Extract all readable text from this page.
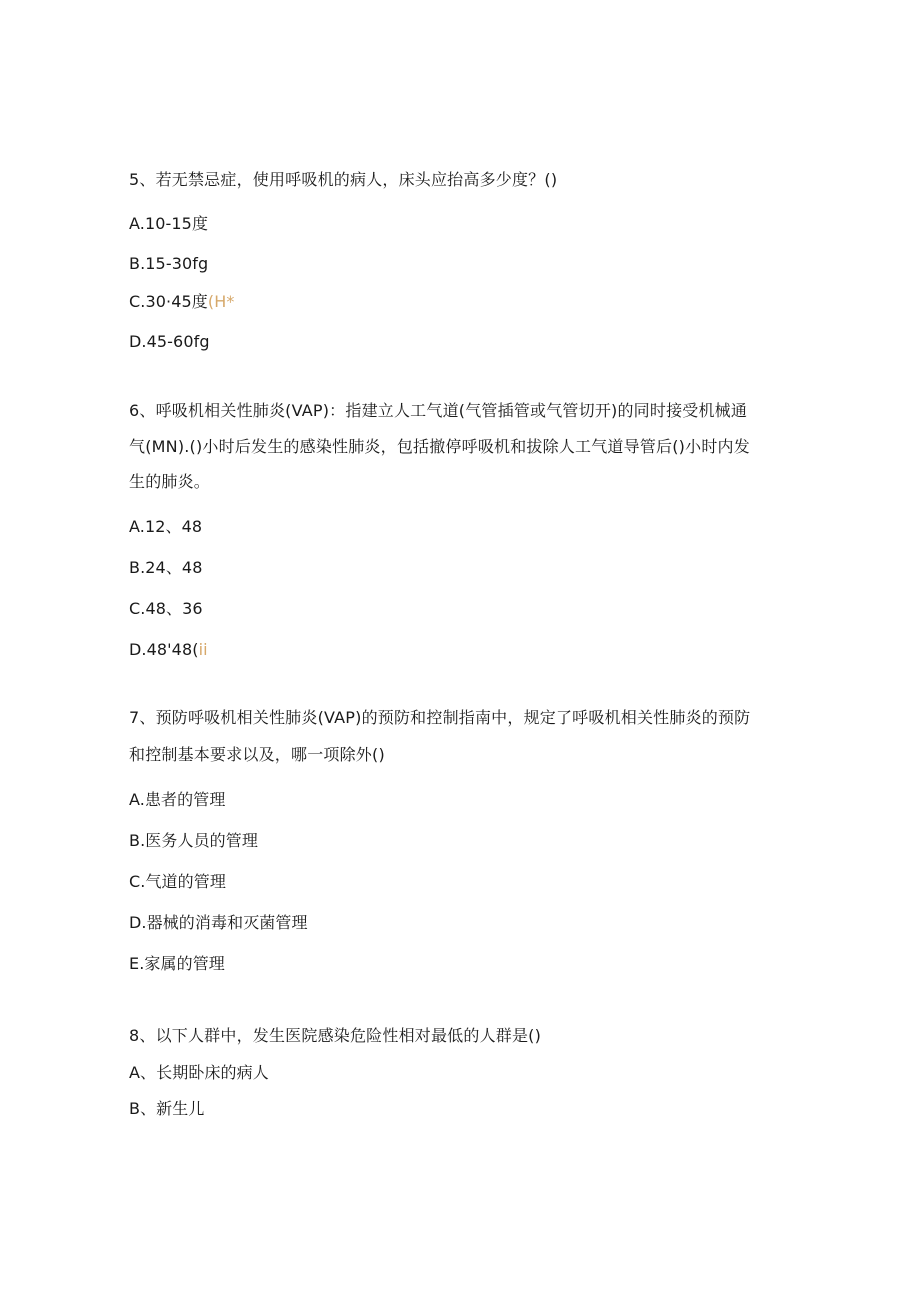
5、若无禁忌症，使用呼吸机的病人，床头应抬高多少度？()
A.10-15度
B.15-30fg
C.30·45度(H*
D.45-60fg
6、呼吸机相关性肺炎(VAP)：指建立人工气道(气管插管或气管切开)的同时接受机械通
气(MN).()小时后发生的感染性肺炎，包括撤停呼吸机和拔除人工气道导管后()小时内发
生的肺炎。
A.12、48
B.24、48
C.48、36
D.48'48(ii
7、预防呼吸机相关性肺炎(VAP)的预防和控制指南中，规定了呼吸机相关性肺炎的预防
和控制基本要求以及，哪一项除外()
A.患者的管理
B.医务人员的管理
C.气道的管理
D.器械的消毒和灭菌管理
E.家属的管理
8、以下人群中，发生医院感染危险性相对最低的人群是()
A、长期卧床的病人
B、新生儿
